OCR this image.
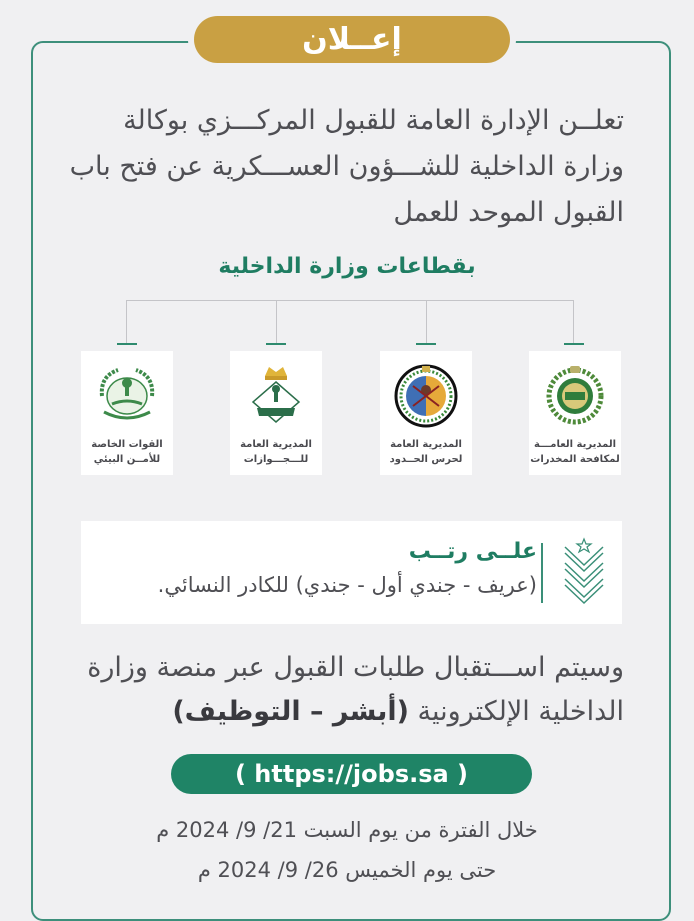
إعــلان
تعلــن الإدارة العامة للقبول المركـــزي بوكالة
وزارة الداخلية للشـــؤون العســـكرية عن فتح باب
القبول الموحد للعمل
بقطاعات وزارة الداخلية
المديرية العامـــة
لمكافحة المخدرات
المديرية العامة
لحرس الحــدود
المديرية العامة
للـــجـــوازات
القوات الخاصة
للأمــن البيئي
علــى رتــب
(عريف - جندي أول - جندي) للكادر النسائي.
وسيتم اســـتقبال طلبات القبول عبر منصة وزارة
الداخلية الإلكترونية (أبشر – التوظيف)
( https://jobs.sa )
خلال الفترة من يوم السبت 21/ 9/ 2024 م
حتى يوم الخميس 26/ 9/ 2024 م
